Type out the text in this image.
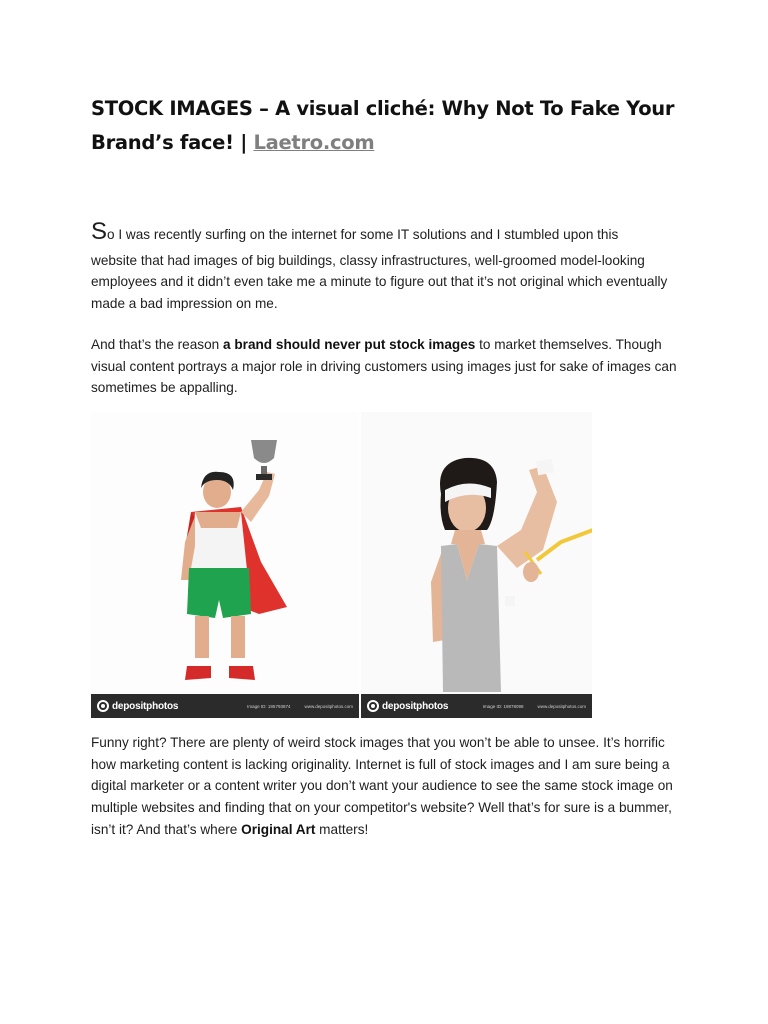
STOCK IMAGES – A visual cliché: Why Not To Fake Your Brand’s face! | Laetro.com
So I was recently surfing on the internet for some IT solutions and I stumbled upon this
website that had images of big buildings, classy infrastructures, well-groomed model-looking employees and it didn’t even take me a minute to figure out that it’s not original which eventually made a bad impression on me.
And that’s the reason a brand should never put stock images to market themselves. Though visual content portrays a major role in driving customers using images just for sake of images can sometimes be appalling.
depositphotos	Image ID: 195793874	www.depositphotos.com	depositphotos	Image ID: 19878098	www.depositphotos.com
Funny right? There are plenty of weird stock images that you won’t be able to unsee. It’s horrific how marketing content is lacking originality. Internet is full of stock images and I am sure being a digital marketer or a content writer you don’t want your audience to see the same stock image on multiple websites and finding that on your competitor's website? Well that’s for sure is a bummer, isn’t it? And that’s where Original Art matters!
